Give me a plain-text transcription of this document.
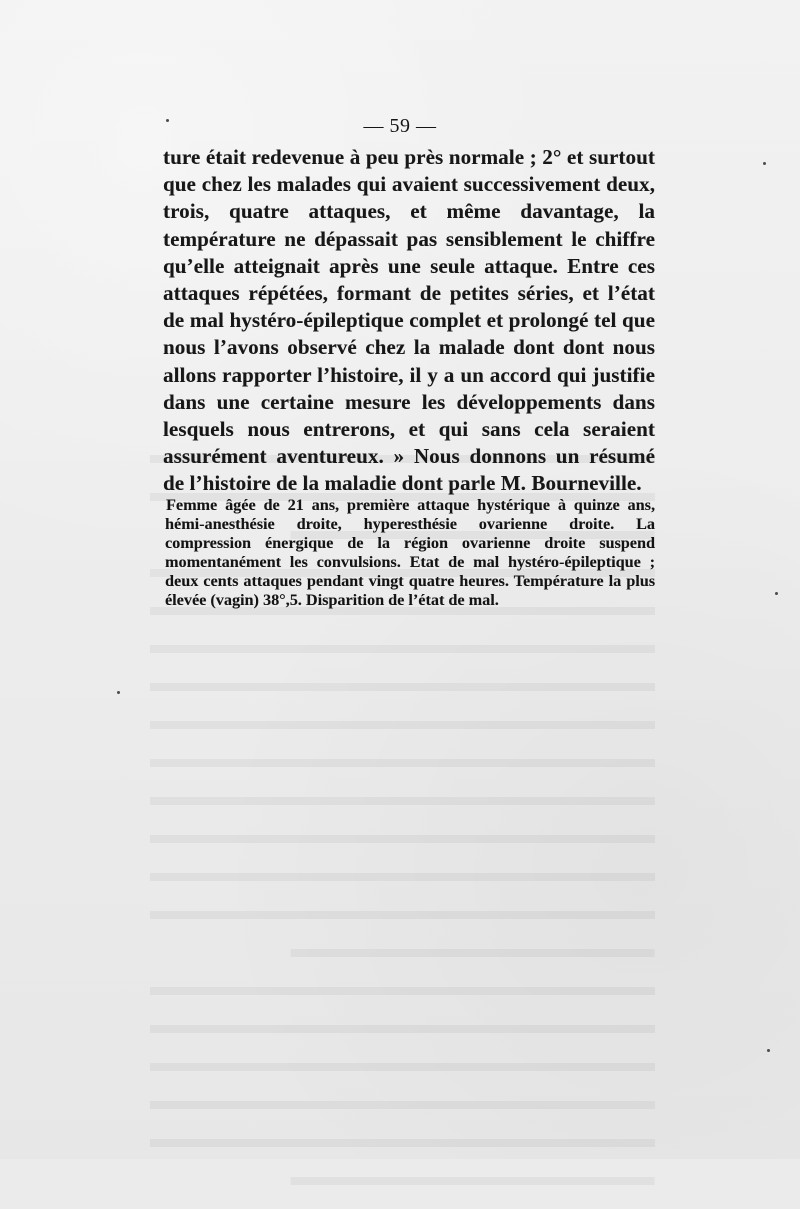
— 59 —

ture était redevenue à peu près normale ; 2° et surtout que chez les malades qui avaient successivement deux, trois, quatre attaques, et même davantage, la température ne dépassait pas sensiblement le chiffre qu’elle atteignait après une seule attaque. Entre ces attaques répétées, formant de petites séries, et l’état de mal hystéro-épileptique complet et prolongé tel que nous l’avons observé chez la malade dont dont nous allons rapporter l’histoire, il y a un accord qui justifie dans une certaine mesure les développements dans lesquels nous entrerons, et qui sans cela seraient assurément aventureux. » Nous donnons un résumé de l’histoire de la maladie dont parle M. Bourneville.

Femme âgée de 21 ans, première attaque hystérique à quinze ans, hémi-anesthésie droite, hyperesthésie ovarienne droite. La compression énergique de la région ovarienne droite suspend momentanément les convulsions. Etat de mal hystéro-épileptique ; deux cents attaques pendant vingt quatre heures. Température la plus élevée (vagin) 38°,5. Disparition de l’état de mal.
